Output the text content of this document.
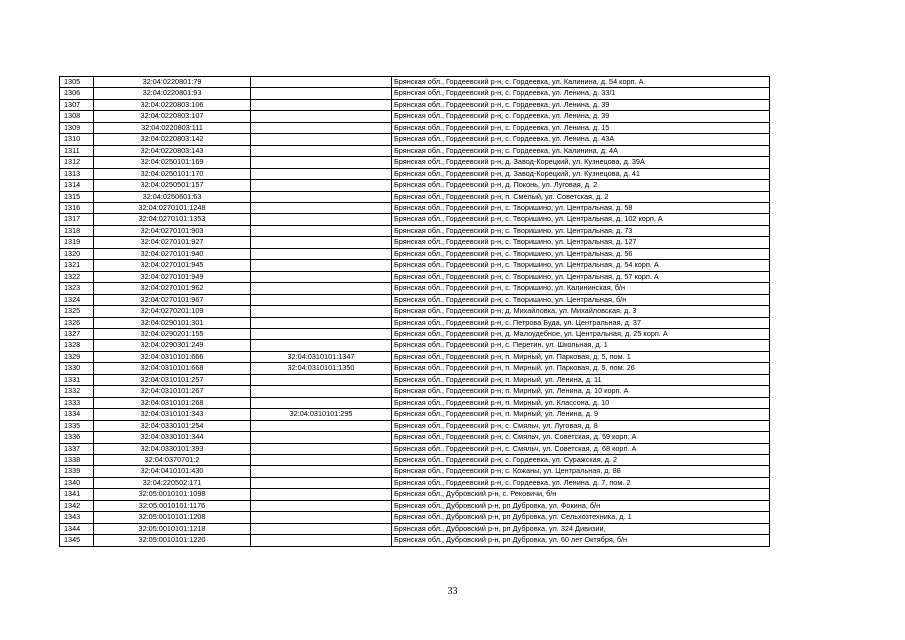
1305	32:04:0220801:79		Брянская обл., Гордеевский р-н, с. Гордеевка, ул. Калинина, д. 54 корп. А
1306	32:04:0220801:93		Брянская обл., Гордеевский р-н, с. Гордеевка, ул. Ленина, д. 33/1
1307	32:04:0220803:106		Брянская обл., Гордеевский р-н, с. Гордеевка, ул. Ленина, д. 39
1308	32:04:0220803:107		Брянская обл., Гордеевский р-н, с. Гордеевка, ул. Ленина, д. 39
1309	32:04:0220803:111		Брянская обл., Гордеевский р-н, с. Гордеевка, ул. Ленина, д. 15
1310	32:04:0220803:142		Брянская обл., Гордеевский р-н, с. Гордеевка, ул. Ленина, д. 43А
1311	32:04:0220803:143		Брянская обл., Гордеевский р-н, с. Гордеевка, ул. Калинина, д. 4А
1312	32:04:0250101:169		Брянская обл., Гордеевский р-н, д. Завод-Корецкий, ул. Кузнецова, д. 39А
1313	32:04:0250101:170		Брянская обл., Гордеевский р-н, д. Завод-Корецкий, ул. Кузнецова, д. 41
1314	32:04:0250501:157		Брянская обл., Гордеевский р-н, д. Поконь, ул. Луговая, д. 2
1315	32:04:0250601:63		Брянская обл., Гордеевский р-н, п. Смелый, ул. Советская, д. 2
1316	32:04:0270101:1248		Брянская обл., Гордеевский р-н, с. Творишино, ул. Центральная, д. 58
1317	32:04:0270101:1353		Брянская обл., Гордеевский р-н, с. Творишино, ул. Центральная, д. 102 корп. А
1318	32:04:0270101:903		Брянская обл., Гордеевский р-н, с. Творишино, ул. Центральная, д. 73
1319	32:04:0270101:927		Брянская обл., Гордеевский р-н, с. Творишино, ул. Центральная, д. 127
1320	32:04:0270101:940		Брянская обл., Гордеевский р-н, с. Творишино, ул. Центральная, д. 56
1321	32:04:0270101:945		Брянская обл., Гордеевский р-н, с. Творишино, ул. Центральная, д. 54 корп. А
1322	32:04:0270101:949		Брянская обл., Гордеевский р-н, с. Творишино, ул. Центральная, д. 57 корп. А
1323	32:04:0270101:962		Брянская обл., Гордеевский р-н, с. Творишино, ул. Калининская, б/н
1324	32:04:0270101:967		Брянская обл., Гордеевский р-н, с. Творишино, ул. Центральная, б/н
1325	32:04:0270201:109		Брянская обл., Гордеевский р-н, д. Михайловка, ул. Михайловская, д. 3
1326	32:04:0290101:301		Брянская обл., Гордеевский р-н, с. Петрова Буда, ул. Центральная, д. 37
1327	32:04:0290201:155		Брянская обл., Гордеевский р-н, д. Малоудебное, ул. Центральная, д. 25 корп. А
1328	32:04:0290301:249		Брянская обл., Гордеевский р-н, с. Перетин, ул. Школьная, д. 1
1329	32:04:0310101:666	32:04:0310101:1347	Брянская обл., Гордеевский р-н, п. Мирный, ул. Парковая, д. 5, пом. 1
1330	32:04:0310101:668	32:04:0310101:1350	Брянская обл., Гордеевский р-н, п. Мирный, ул. Парковая, д. 5, пом. 26
1331	32:04:0310101:257		Брянская обл., Гордеевский р-н, п. Мирный, ул. Ленина, д. 11
1332	32:04:0310101:267		Брянская обл., Гордеевский р-н, п. Мирный, ул. Ленина, д. 10 корп. А
1333	32:04:0310101:268		Брянская обл., Гордеевский р-н, п. Мирный, ул. Классона, д. 10
1334	32:04:0310101:343	32:04:0310101:295	Брянская обл., Гордеевский р-н, п. Мирный, ул. Ленина, д. 9
1335	32:04:0330101:254		Брянская обл., Гордеевский р-н, с. Смяльч, ул. Луговая, д. 8
1336	32:04:0330101:344		Брянская обл., Гордеевский р-н, с. Смяльч, ул. Советская, д. 59 корп. А
1337	32:04:0330101:393		Брянская обл., Гордеевский р-н, с. Смяльч, ул. Советская, д. 68 корп. А
1338	32:04:0370701:2		Брянская обл., Гордеевский р-н, с. Гордеевка, ул. Суражская, д. 2
1339	32:04:0410101:430		Брянская обл., Гордеевский р-н, с. Кожаны, ул. Центральная, д. 88
1340	32:04:220502:171		Брянская обл., Гордеевский р-н, с. Гордеевка, ул. Ленина, д. 7, пом. 2
1341	32:05:0010101:1098		Брянская обл., Дубровский р-н, с. Рековичи, б/н
1342	32:05:0010101:1176		Брянская обл., Дубровский р-н, рп Дубровка, ул. Фокина, б/н
1343	32:05:0010101:1208		Брянская обл., Дубровский р-н, рп Дубровка, ул. Сельхозтехника, д. 1
1344	32:05:0010101:1218		Брянская обл., Дубровский р-н, рп Дубровка, ул. 324 Дивизии,
1345	32:05:0010101:1220		Брянская обл., Дубровский р-н, рп Дубровка, ул. 60 лет Октября, б/н
33
